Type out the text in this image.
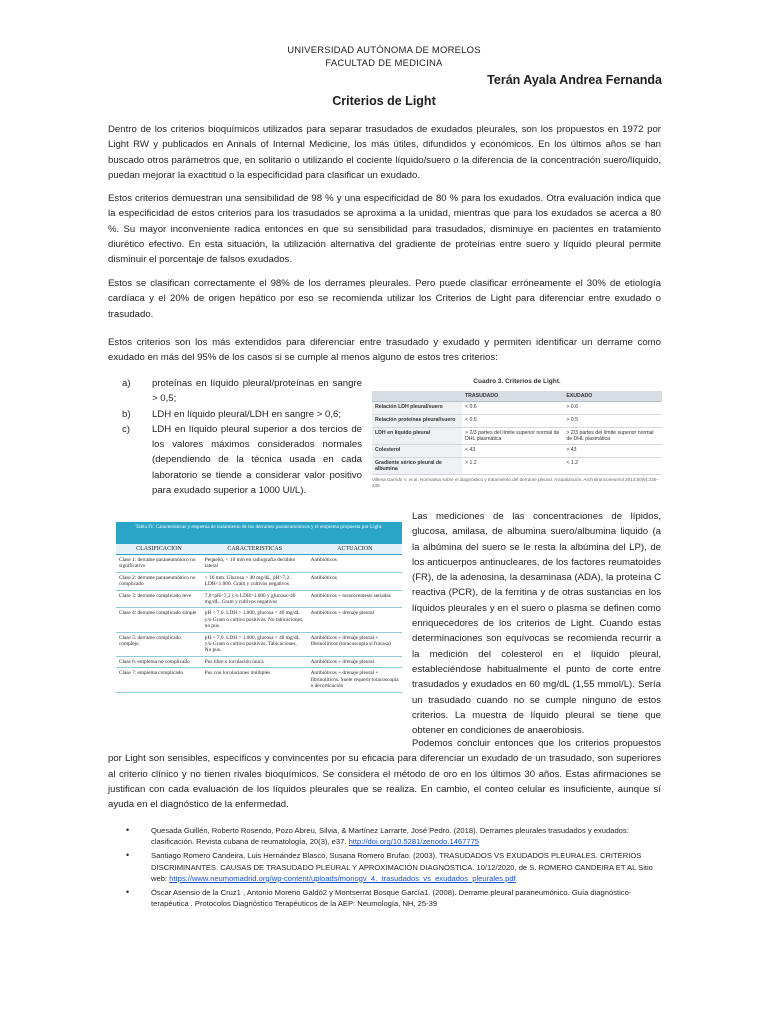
UNIVERSIDAD AUTÓNOMA DE MORELOS
FACULTAD DE MEDICINA
Terán Ayala Andrea Fernanda
Criterios de Light

Dentro de los criterios bioquímicos utilizados para separar trasudados de exudados pleurales, son los propuestos en 1972 por Light RW y publicados en Annals of Internal Medicine, los más útiles, difundidos y económicos. En los últimos años se han buscado otros parámetros que, en solitario o utilizando el cociente líquido/suero o la diferencia de la concentración suero/líquido, puedan mejorar la exactitud o la especificidad para clasificar un exudado.

Estos criterios demuestran una sensibilidad de 98 % y una especificidad de 80 % para los exudados. Otra evaluación indica que la especificidad de estos criterios para los trasudados se aproxima a la unidad, mientras que para los exudados se acerca a 80 %. Su mayor inconveniente radica entonces en que su sensibilidad para trasudados, disminuye en pacientes en tratamiento diurético efectivo. En esta situación, la utilización alternativa del gradiente de proteínas entre suero y líquido pleural permite disminuir el porcentaje de falsos exudados.

Estos se clasifican correctamente el 98% de los derrames pleurales. Pero puede clasificar erróneamente el 30% de etiología cardíaca y el 20% de origen hepático por eso se recomienda utilizar los Criterios de Light para diferenciar entre exudado o trasudado.

Estos criterios son los más extendidos para diferenciar entre trasudado y exudado y permiten identificar un derrame como exudado en más del 95% de los casos si se cumple al menos alguno de estos tres criterios:

a)	proteínas en líquido pleural/proteínas en sangre > 0,5;
b)	LDH en líquido pleural/LDH en sangre > 0,6;
c)	LDH en líquido pleural superior a dos tercios de los valores máximos considerados normales (dependiendo de la técnica usada en cada laboratorio se tiende a considerar valor positivo para exudado superior a 1000 UI/L).
Cuadro 3. Criterios de Light.
	TRASUDADO	EXUDADO
Relación LDH pleural/suero	< 0.6	> 0.6
Relación proteínas pleural/suero	< 0.5	> 0.5
LDH en líquido pleural	> 2/3 partes del límite superior normal de DHL plasmática	> 2/3 partes del límite superior normal de DHL plasmática
Colesterol	< 43	> 43
Gradiente sérico pleural de albumina	> 1.2	< 1.2
Villena Garrido V, et al. Normativa sobre el diagnóstico y tratamiento del derrame pleural. Actualización. Arch Bronconeumol 2014;50(6):235–249
Tabla IV. Características y esquema de tratamiento de los derrames paraneumónicos y el empiema propuesta por Light.
CLASIFICACION	CARACTERISTICAS	ACTUACION
Clase 1: derrame paraneumónico no significativo	Pequeño, < 10 mm en radiografía decúbito lateral	Antibióticos
Clase 2: derrame paraneumónico no complicado	> 10 mm. Glucosa > 40 mg/dL, pH>7,2. LDH<1.000. Gram y cultivos negativos	Antibióticos
Clase 3: derrame complicado leve	7,0<pH<7,2 y/o LDH>1.000 y glucosa>40 mg/dL. Gram y cultivos negativos	Antibióticos + toracocentesis seriadas
Clase 4: derrame complicado simple	pH < 7,0. LDH > 1.000, glucosa < 40 mg/dL y/o Gram o cultivo positivos. No tabicaciones, no pus.	Antibióticos + drenaje pleural
Clase 5: derrame complicado complejo	pH < 7,0. LDH > 1.000, glucosa < 40 mg/dL y/o Gram o cultivo positivos. Tabicaciones. No pus.	Antibióticos + drenaje pleural + fibrinolíticos (toracoscopia si fracasa)
Clase 6: empiema no complicado	Pus libre o loculación única	Antibióticos + drenaje pleural
Clase 7: empiema complicado	Pus con loculaciones múltiples	Antibióticos + drenaje pleural + fibrinolíticos. Suele requerir toracoscopia o decorticación

Las mediciones de las concentraciones de lípidos, glucosa, amilasa, de albumina suero/albumina liquido (a la albúmina del suero se le resta la albúmina del LP), de los anticuerpos antinucleares, de los factores reumatoides (FR), de la adenosina, la desaminasa (ADA), la proteína C reactiva (PCR), de la ferritina y de otras sustancias en los líquidos pleurales y en el suero o plasma se definen como enriquecedores de los criterios de Light. Cuando estas determinaciones son equívocas se recomienda recurrir a la medición del colesterol en el líquido pleural, estableciéndose habitualmente el punto de corte entre trasudados y exudados en 60 mg/dL (1,55 mmol/L). Sería un trasudado cuando no se cumple ninguno de estos criterios. La muestra de líquido pleural se tiene que obtener en condiciones de anaerobiosis.

Podemos concluir entonces que los criterios propuestos por Light son sensibles, específicos y convincentes por su eficacia para diferenciar un exudado de un trasudado, son superiores al criterio clínico y no tienen rivales bioquímicos. Se considera el método de oro en los últimos 30 años. Estas afirmaciones se justifican con cada evaluación de los líquidos pleurales que se realiza. En cambio, el conteo celular es insuficiente, aunque sí ayuda en el diagnóstico de la enfermedad.

•	Quesada Guillén, Roberto Rosendo, Pozo Abreu, Silvia, & Martínez Larrarte, José Pedro. (2018). Derrames pleurales trasudados y exudados: clasificación. Revista cubana de reumatología, 20(3), e37. http://doi.org/10.5281/zenodo.1467775
•	Santiago Romero Candeira, Luis Hernández Blasco, Susana Romero Brufao. (2003). TRASUDADOS VS EXUDADOS PLEURALES. CRITERIOS DISCRIMINANTES. CAUSAS DE TRASUDADO PLEURAL Y APROXIMACIÓN DIAGNÓSTICA. 10/12/2020, de S. ROMERO CANDEIRA ET AL Sitio web: https://www.neumomadrid.org/wp-content/uploads/monogv_4._trasudados_vs_exudados_pleurales.pdf
•	Óscar Asensio de la Cruz1 , Antonio Moreno Galdó2 y Montserrat Bosque García1. (2008). Derrame pleural paraneumónico. Guía diagnóstico-terapéutica . Protocolos Diagnóstico Terapéuticos de la AEP: Neumología, NH, 25-39
